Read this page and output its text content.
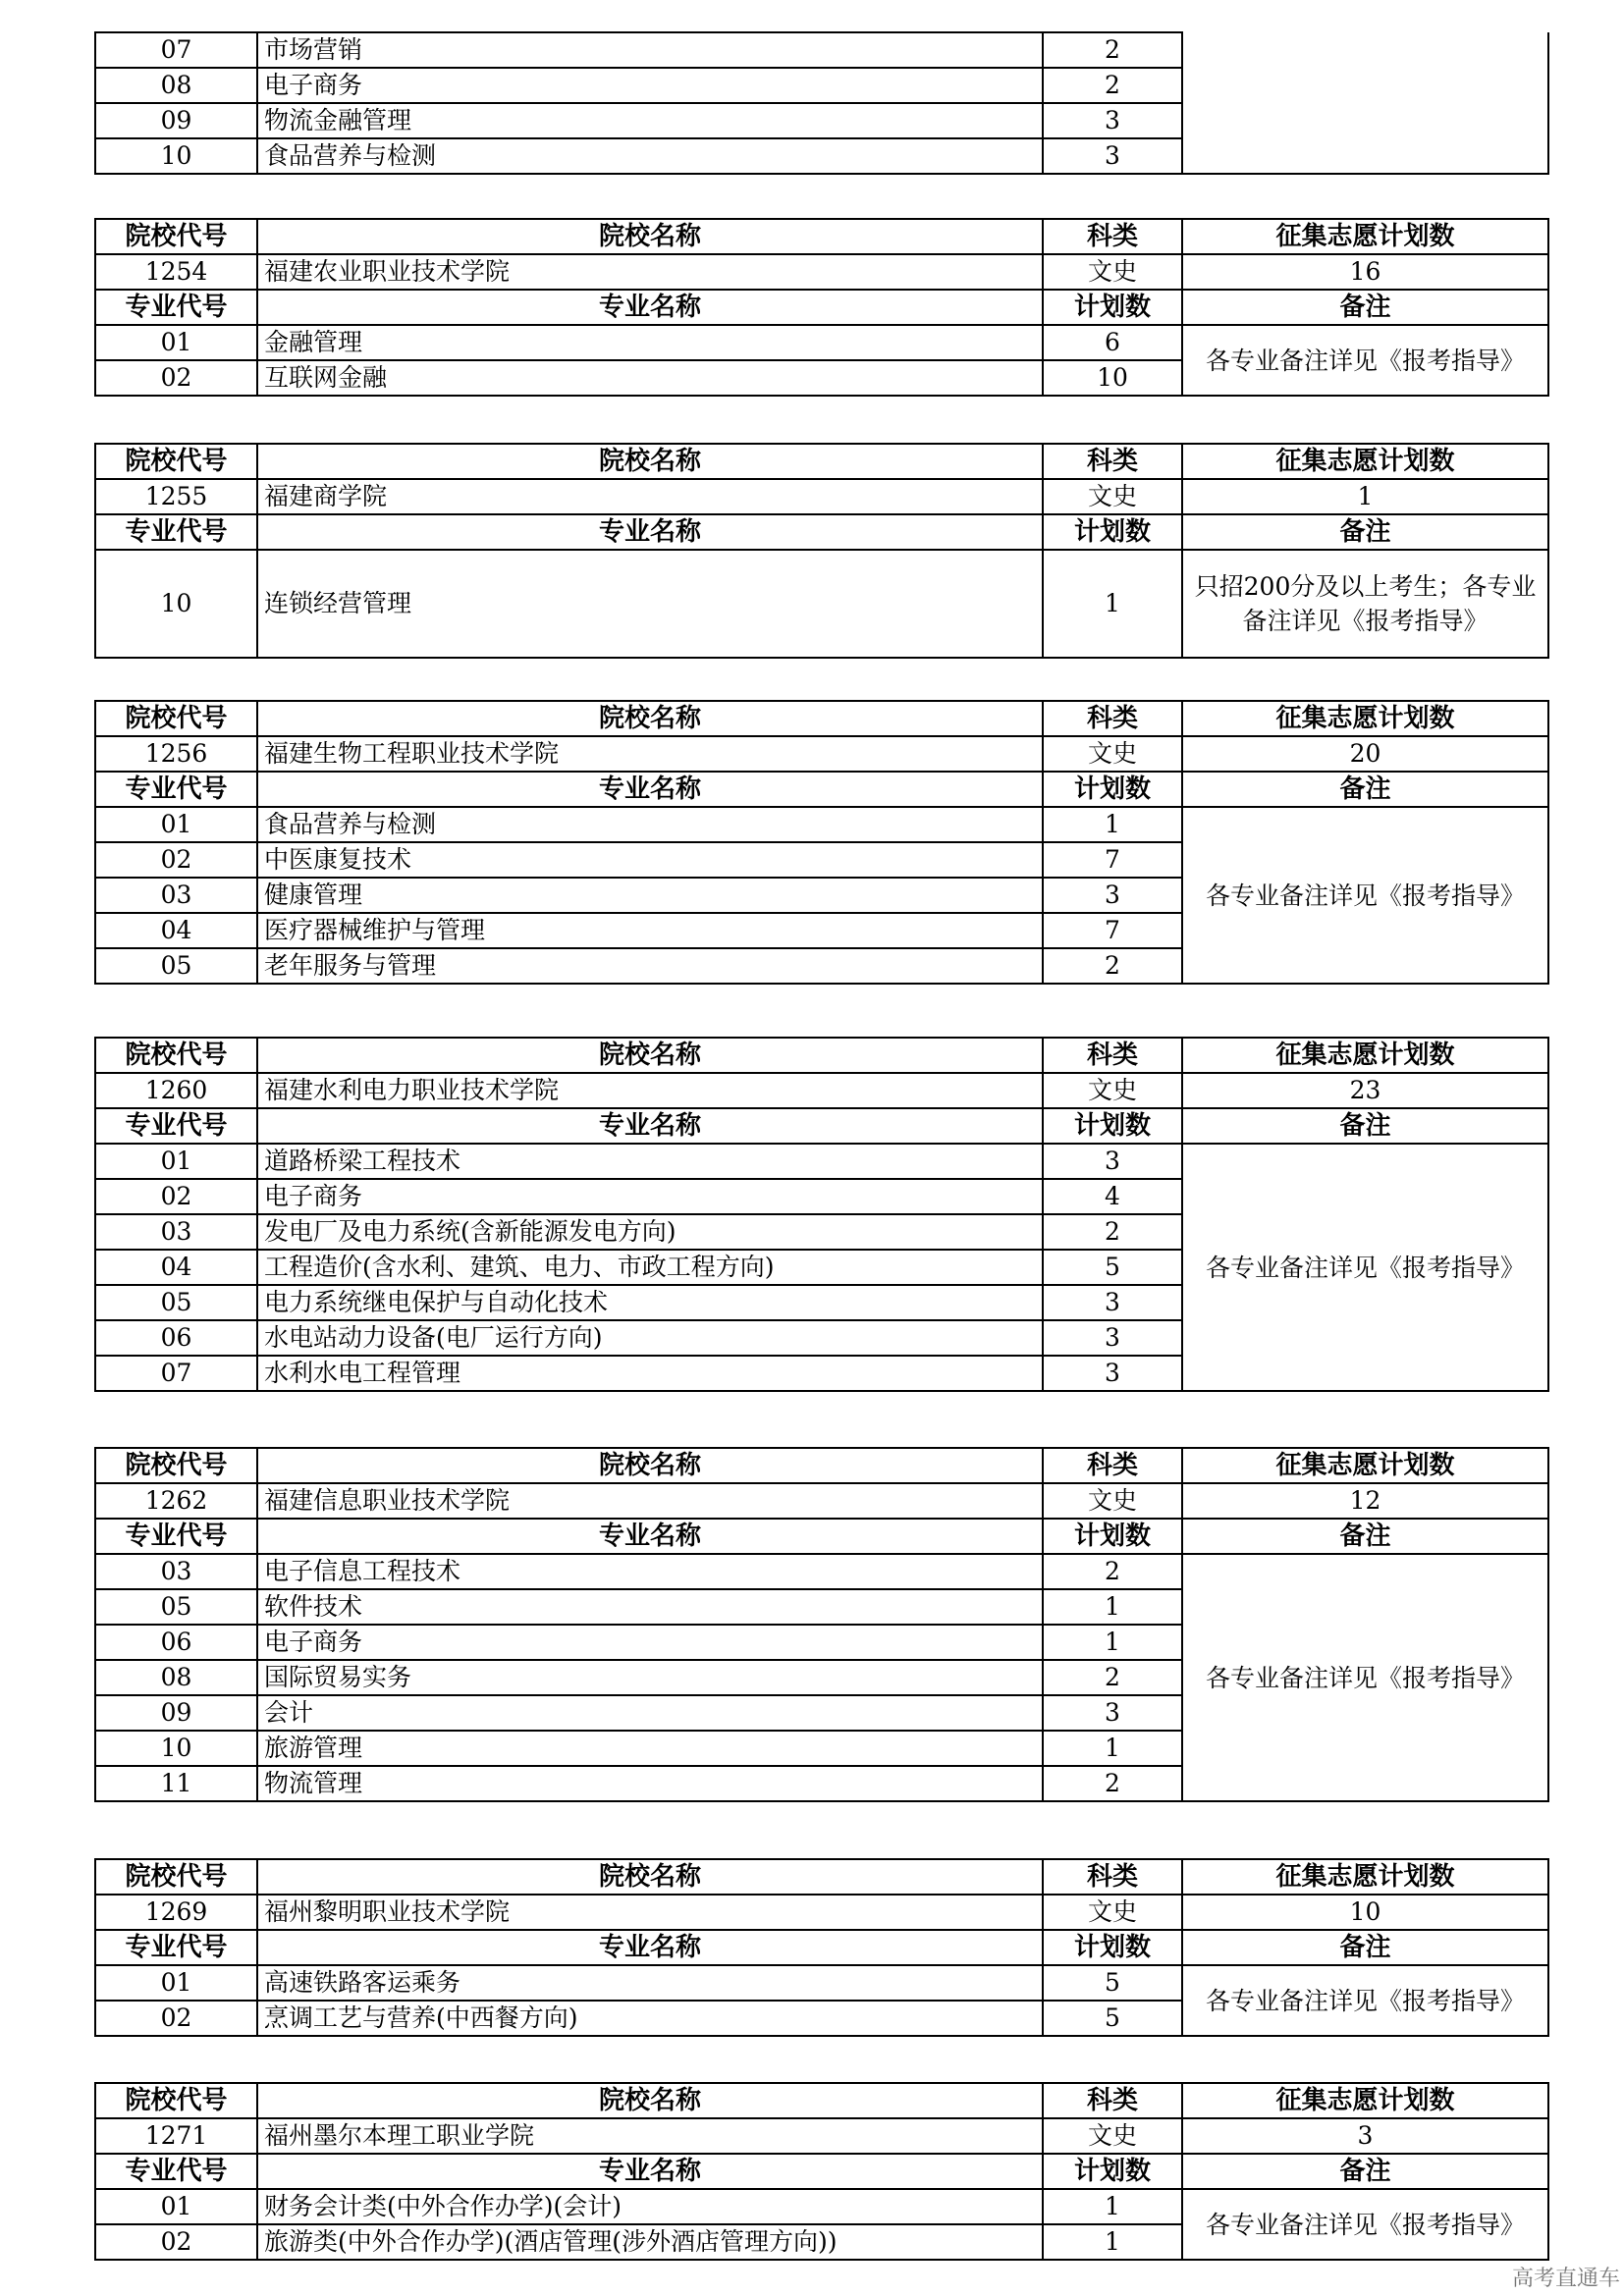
07	市场营销	2	
08	电子商务	2	
09	物流金融管理	3	
10	食品营养与检测	3	
院校代号	院校名称	科类	征集志愿计划数
1254	福建农业职业技术学院	文史	16
专业代号	专业名称	计划数	备注
01	金融管理	6	各专业备注详见《报考指导》
02	互联网金融	10	
院校代号	院校名称	科类	征集志愿计划数
1255	福建商学院	文史	1
专业代号	专业名称	计划数	备注
10	连锁经营管理	1	只招200分及以上考生；各专业备注详见《报考指导》
院校代号	院校名称	科类	征集志愿计划数
1256	福建生物工程职业技术学院	文史	20
专业代号	专业名称	计划数	备注
01	食品营养与检测	1	各专业备注详见《报考指导》
02	中医康复技术	7	
03	健康管理	3	
04	医疗器械维护与管理	7	
05	老年服务与管理	2	
院校代号	院校名称	科类	征集志愿计划数
1260	福建水利电力职业技术学院	文史	23
专业代号	专业名称	计划数	备注
01	道路桥梁工程技术	3	各专业备注详见《报考指导》
02	电子商务	4	
03	发电厂及电力系统(含新能源发电方向)	2	
04	工程造价(含水利、建筑、电力、市政工程方向)	5	
05	电力系统继电保护与自动化技术	3	
06	水电站动力设备(电厂运行方向)	3	
07	水利水电工程管理	3	
院校代号	院校名称	科类	征集志愿计划数
1262	福建信息职业技术学院	文史	12
专业代号	专业名称	计划数	备注
03	电子信息工程技术	2	各专业备注详见《报考指导》
05	软件技术	1	
06	电子商务	1	
08	国际贸易实务	2	
09	会计	3	
10	旅游管理	1	
11	物流管理	2	
院校代号	院校名称	科类	征集志愿计划数
1269	福州黎明职业技术学院	文史	10
专业代号	专业名称	计划数	备注
01	高速铁路客运乘务	5	各专业备注详见《报考指导》
02	烹调工艺与营养(中西餐方向)	5	
院校代号	院校名称	科类	征集志愿计划数
1271	福州墨尔本理工职业学院	文史	3
专业代号	专业名称	计划数	备注
01	财务会计类(中外合作办学)(会计)	1	各专业备注详见《报考指导》
02	旅游类(中外合作办学)(酒店管理(涉外酒店管理方向))	1	
高考直通车
